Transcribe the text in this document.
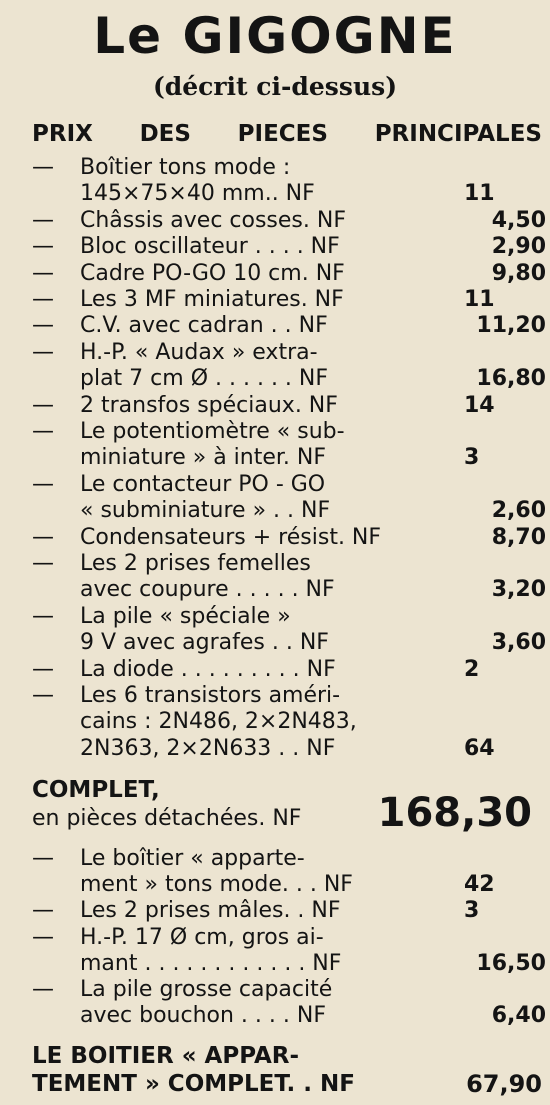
Le GIGOGNE
(décrit ci-dessus)
PRIX DES PIECES PRINCIPALES
—	Boîtier tons mode :
145×75×40 mm.. NF	11
—	Châssis avec cosses. NF	4,50
—	Bloc oscillateur . . . . NF	2,90
—	Cadre PO-GO 10 cm. NF	9,80
—	Les 3 MF miniatures. NF	11
—	C.V. avec cadran . . NF	11,20
—	H.-P. « Audax » extra-
plat 7 cm Ø . . . . . . NF	16,80
—	2 transfos spéciaux. NF	14
—	Le potentiomètre « sub-
miniature » à inter. NF	3
—	Le contacteur PO - GO
« subminiature » . . NF	2,60
—	Condensateurs + résist. NF	8,70
—	Les 2 prises femelles
avec coupure . . . . . NF	3,20
—	La pile « spéciale »
9 V avec agrafes . . NF	3,60
—	La diode . . . . . . . . . NF	2
—	Les 6 transistors améri-
cains : 2N486, 2×2N483,
2N363, 2×2N633 . . NF	64
COMPLET,
en pièces détachées. NF 168,30
—	Le boîtier « apparte-
ment » tons mode. . . NF	42
—	Les 2 prises mâles. . NF	3
—	H.-P. 17 Ø cm, gros ai-
mant . . . . . . . . . . . . NF	16,50
—	La pile grosse capacité
avec bouchon . . . . NF	6,40
LE BOITIER « APPAR-
TEMENT » COMPLET. . NF	67,90
